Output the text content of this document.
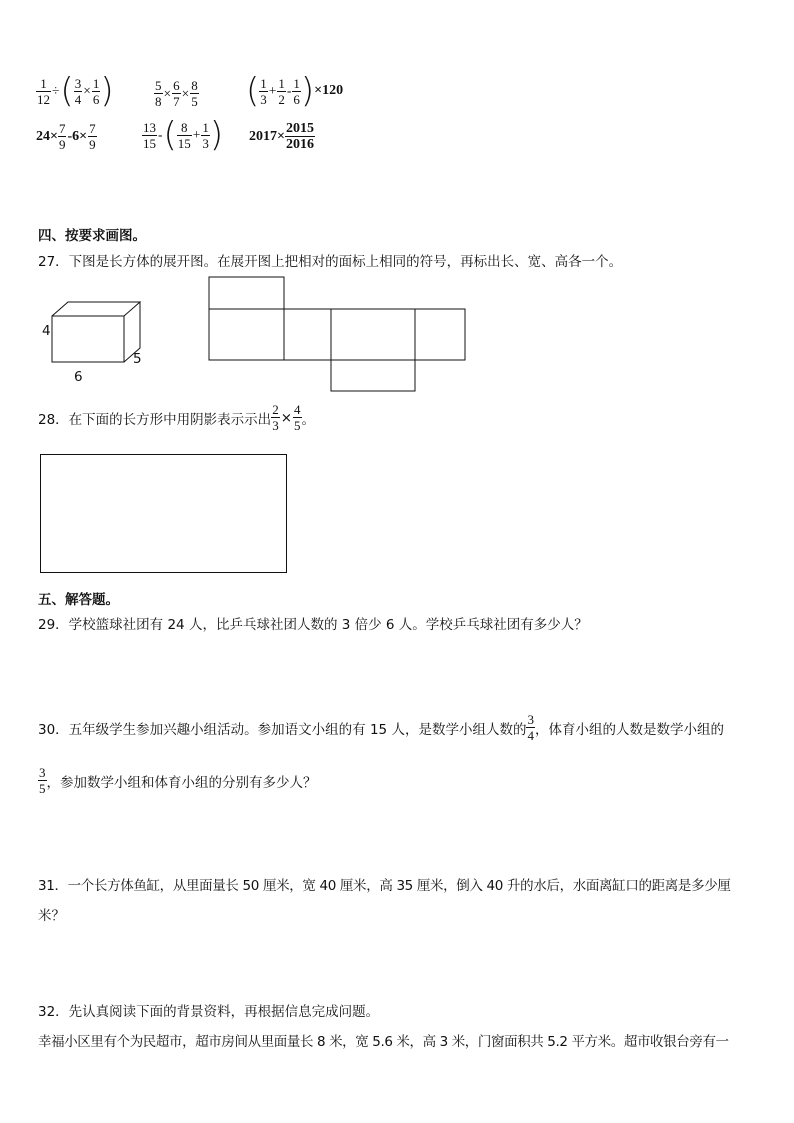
$\frac{1}{12}$ ÷ ( $\frac{3}{4} \times \frac{1}{6}$ )	$\frac{5}{8} \times \frac{6}{7} \times \frac{8}{5}$ ( $\frac{1}{3} + \frac{1}{2} - \frac{1}{6}$ ) ×120
$24\times \frac{7}{9} -6\times \frac{7}{9}$	$\frac{13}{15}$ - ( $\frac{8}{15} + \frac{1}{3}$ ) $2017\times \frac{2015}{2016}$
四、按要求画图。
27．下图是长方体的展开图。在展开图上把相对的面标上相同的符号，再标出长、宽、高各一个。
4
5
6
28．在下面的长方形中用阴影表示示出 $\frac{2}{3} \times \frac{4}{5}$ 。
五、解答题。
29．学校篮球社团有 24 人，比乒乓球社团人数的 3 倍少 6 人。学校乒乓球社团有多少人？
30．五年级学生参加兴趣小组活动。参加语文小组的有 15 人，是数学小组人数的 $\frac{3}{4}$ ，体育小组的人数是数学小组的
$\frac{3}{5}$ ，参加数学小组和体育小组的分别有多少人？
31．一个长方体鱼缸，从里面量长 50 厘米，宽 40 厘米，高 35 厘米，倒入 40 升的水后，水面离缸口的距离是多少厘
米？
32．先认真阅读下面的背景资料，再根据信息完成问题。
幸福小区里有个为民超市，超市房间从里面量长 8 米，宽 5.6 米，高 3 米，门窗面积共 5.2 平方米。超市收银台旁有一
